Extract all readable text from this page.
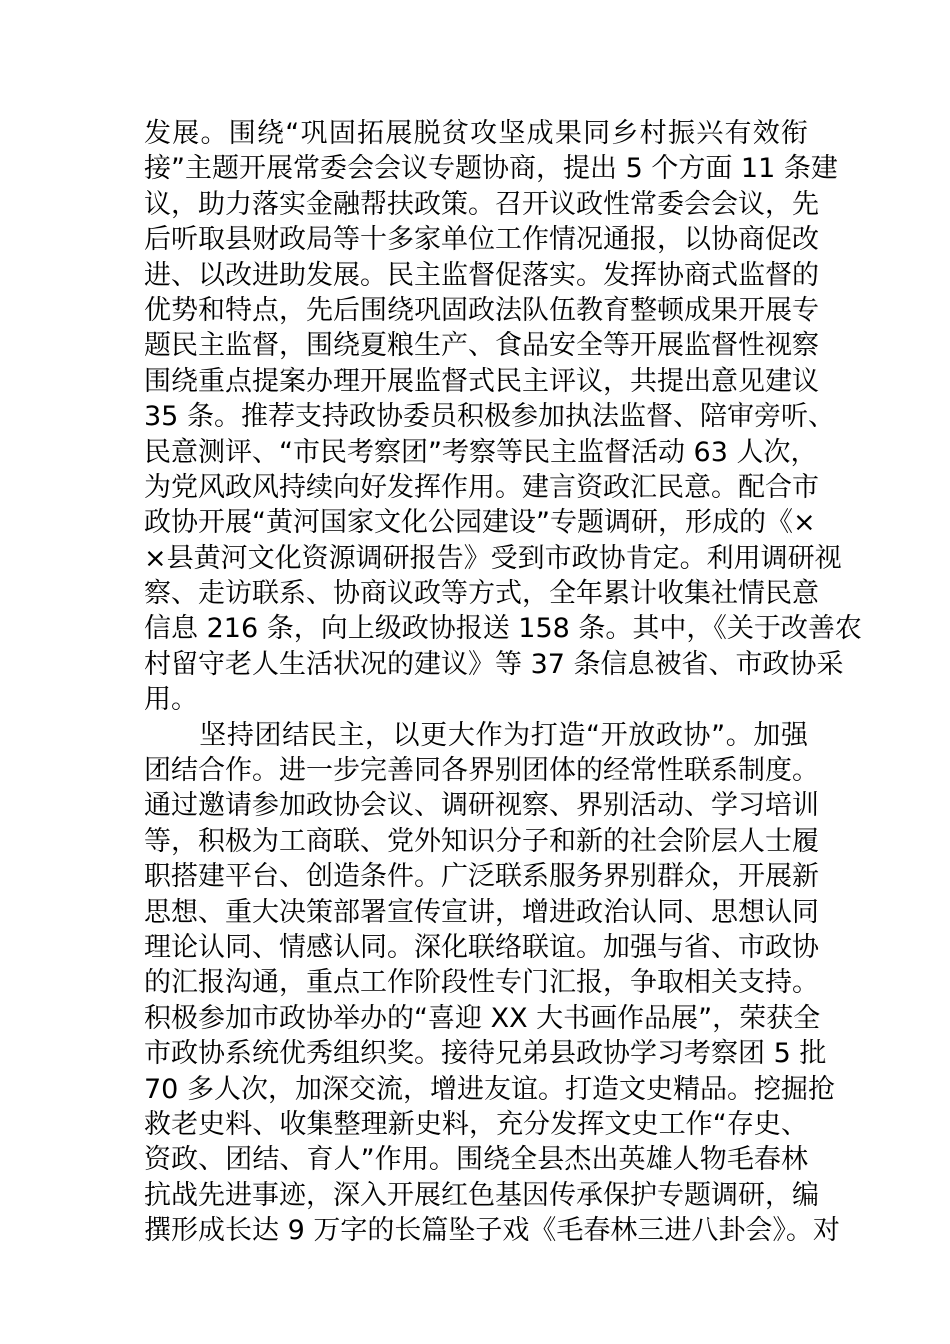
发展。围绕“巩固拓展脱贫攻坚成果同乡村振兴有效衔
接”主题开展常委会会议专题协商，提出 5 个方面 11 条建
议，助力落实金融帮扶政策。召开议政性常委会会议，先
后听取县财政局等十多家单位工作情况通报，以协商促改
进、以改进助发展。民主监督促落实。发挥协商式监督的
优势和特点，先后围绕巩固政法队伍教育整顿成果开展专
题民主监督，围绕夏粮生产、食品安全等开展监督性视察
围绕重点提案办理开展监督式民主评议，共提出意见建议
35 条。推荐支持政协委员积极参加执法监督、陪审旁听、
民意测评、“市民考察团”考察等民主监督活动 63 人次，
为党风政风持续向好发挥作用。建言资政汇民意。配合市
政协开展“黄河国家文化公园建设”专题调研，形成的《×
×县黄河文化资源调研报告》受到市政协肯定。利用调研视
察、走访联系、协商议政等方式，全年累计收集社情民意
信息 216 条，向上级政协报送 158 条。其中，《关于改善农
村留守老人生活状况的建议》等 37 条信息被省、市政协采
用。
　　坚持团结民主，以更大作为打造“开放政协”。加强
团结合作。进一步完善同各界别团体的经常性联系制度。
通过邀请参加政协会议、调研视察、界别活动、学习培训
等，积极为工商联、党外知识分子和新的社会阶层人士履
职搭建平台、创造条件。广泛联系服务界别群众，开展新
思想、重大决策部署宣传宣讲，增进政治认同、思想认同
理论认同、情感认同。深化联络联谊。加强与省、市政协
的汇报沟通，重点工作阶段性专门汇报，争取相关支持。
积极参加市政协举办的“喜迎 XX 大书画作品展”，荣获全
市政协系统优秀组织奖。接待兄弟县政协学习考察团 5 批
70 多人次，加深交流，增进友谊。打造文史精品。挖掘抢
救老史料、收集整理新史料，充分发挥文史工作“存史、
资政、团结、育人”作用。围绕全县杰出英雄人物毛春林
抗战先进事迹，深入开展红色基因传承保护专题调研，编
撰形成长达 9 万字的长篇坠子戏《毛春林三进八卦会》。对
